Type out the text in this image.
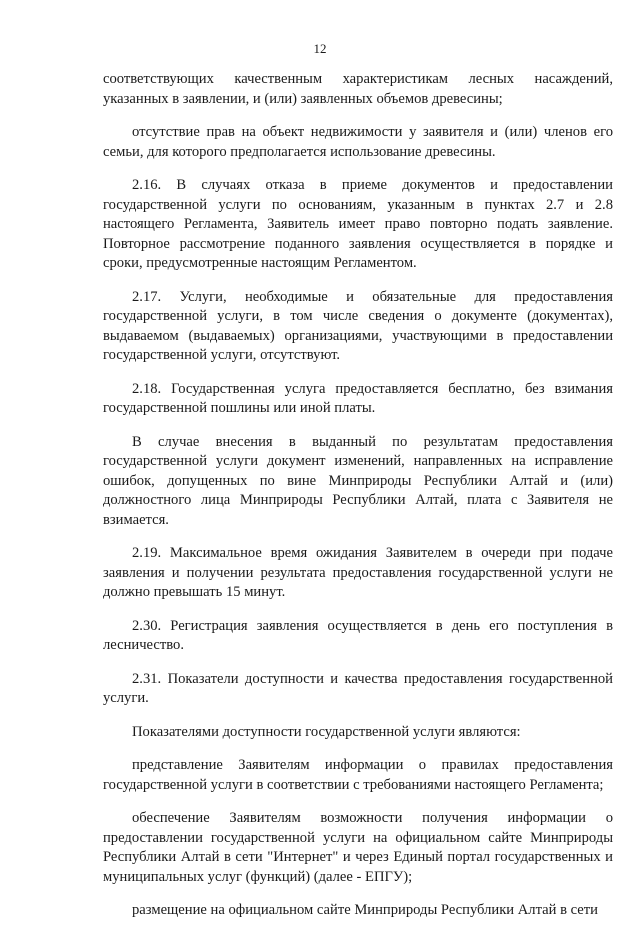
12

соответствующих качественным характеристикам лесных насаждений, указанных в заявлении, и (или) заявленных объемов древесины;

отсутствие прав на объект недвижимости у заявителя и (или) членов его семьи, для которого предполагается использование древесины.

2.16. В случаях отказа в приеме документов и предоставлении государственной услуги по основаниям, указанным в пунктах 2.7 и 2.8 настоящего Регламента, Заявитель имеет право повторно подать заявление. Повторное рассмотрение поданного заявления осуществляется в порядке и сроки, предусмотренные настоящим Регламентом.

2.17. Услуги, необходимые и обязательные для предоставления государственной услуги, в том числе сведения о документе (документах), выдаваемом (выдаваемых) организациями, участвующими в предоставлении государственной услуги, отсутствуют.

2.18. Государственная услуга предоставляется бесплатно, без взимания государственной пошлины или иной платы.

В случае внесения в выданный по результатам предоставления государственной услуги документ изменений, направленных на исправление ошибок, допущенных по вине Минприроды Республики Алтай и (или) должностного лица Минприроды Республики Алтай, плата с Заявителя не взимается.

2.19. Максимальное время ожидания Заявителем в очереди при подаче заявления и получении результата предоставления государственной услуги не должно превышать 15 минут.

2.30. Регистрация заявления осуществляется в день его поступления в лесничество.

2.31. Показатели доступности и качества предоставления государственной услуги.

Показателями доступности государственной услуги являются:

представление Заявителям информации о правилах предоставления государственной услуги в соответствии с требованиями настоящего Регламента;

обеспечение Заявителям возможности получения информации о предоставлении государственной услуги на официальном сайте Минприроды Республики Алтай в сети "Интернет" и через Единый портал государственных и муниципальных услуг (функций) (далее - ЕПГУ);

размещение на официальном сайте Минприроды Республики Алтай в сети
